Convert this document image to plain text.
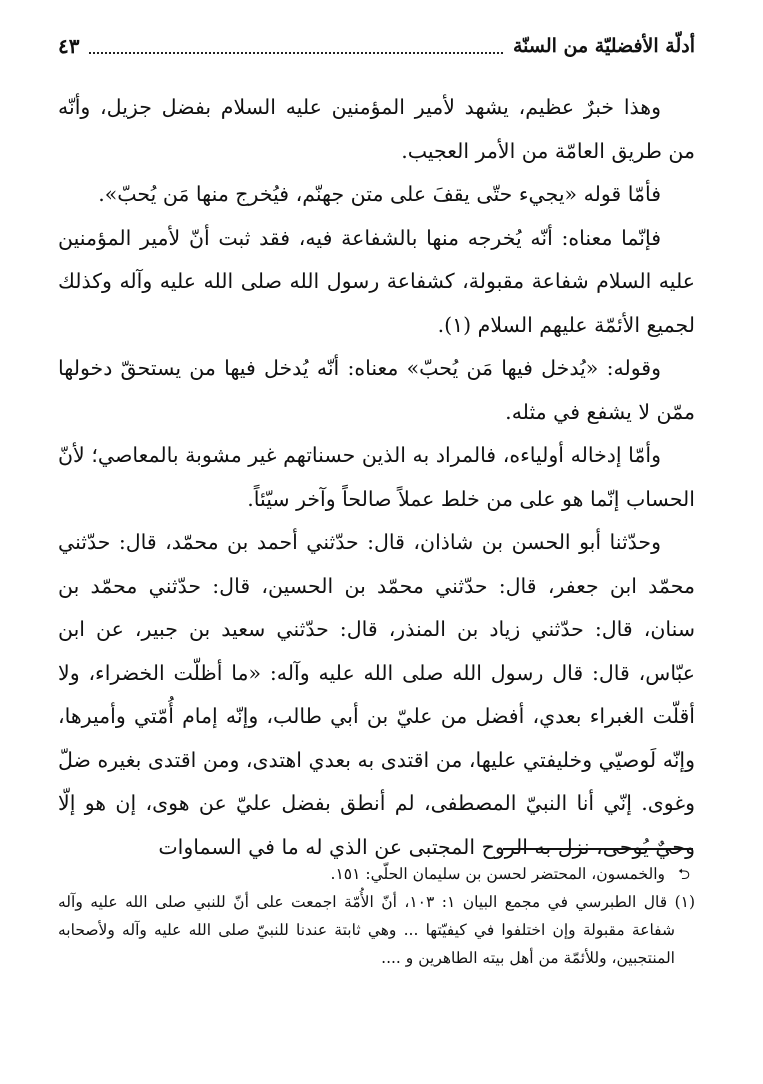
أدلّة الأفضليّة من السنّة
٤٣

وهذا خبرٌ عظيم، يشهد لأمير المؤمنين عليه السلام بفضل جزيل، وأنّه من طريق العامّة من الأمر العجيب.

فأمّا قوله «يجيء حتّى يقفَ على متن جهنّم، فيُخرج منها مَن يُحبّ».

فإنّما معناه: أنّه يُخرجه منها بالشفاعة فيه، فقد ثبت أنّ لأمير المؤمنين عليه السلام شفاعة مقبولة، كشفاعة رسول الله صلى الله عليه وآله وكذلك لجميع الأئمّة عليهم السلام (١).

وقوله: «يُدخل فيها مَن يُحبّ» معناه: أنّه يُدخل فيها من يستحقّ دخولها ممّن لا يشفع في مثله.

وأمّا إدخاله أولياءه، فالمراد به الذين حسناتهم غير مشوبة بالمعاصي؛ لأنّ الحساب إنّما هو على من خلط عملاً صالحاً وآخر سيّئاً.

وحدّثنا أبو الحسن بن شاذان، قال: حدّثني أحمد بن محمّد، قال: حدّثني محمّد ابن جعفر، قال: حدّثني محمّد بن الحسين، قال: حدّثني محمّد بن سنان، قال: حدّثني زياد بن المنذر، قال: حدّثني سعيد بن جبير، عن ابن عبّاس، قال: قال رسول الله صلى الله عليه وآله: «ما أظلّت الخضراء، ولا أقلّت الغبراء بعدي، أفضل من عليّ بن أبي طالب، وإنّه إمام أُمّتي وأميرها، وإنّه لَوصيّي وخليفتي عليها، من اقتدى به بعدي اهتدى، ومن اقتدى بغيره ضلّ وغوى. إنّي أنا النبيّ المصطفى، لم أنطق بفضل عليّ عن هوى، إن هو إلّا وحيٌ يُوحى، نزل به الروح المجتبى عن الذي له ما في السماوات

⮌
والخمسون، المحتضر لحسن بن سليمان الحلّي: ١٥١.

(١) قال الطبرسي في مجمع البيان ١: ١٠٣، أنّ الأُمّة اجمعت على أنّ للنبي صلى الله عليه وآله شفاعة مقبولة وإن اختلفوا في كيفيّتها ... وهي ثابتة عندنا للنبيّ صلى الله عليه وآله ولأصحابه المنتجبين، وللأئمّة من أهل بيته الطاهرين و ....
